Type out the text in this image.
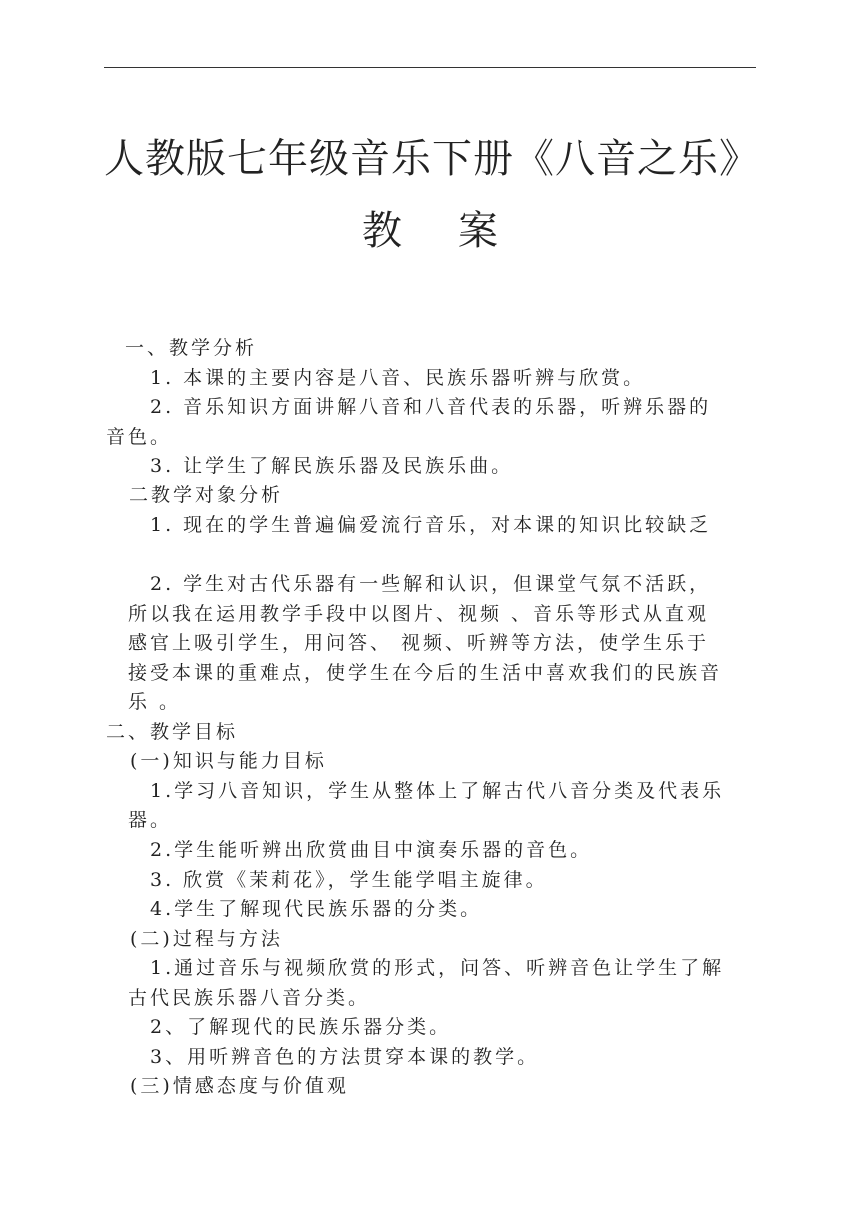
人教版七年级音乐下册《八音之乐》
教案
一、教学分析
1. 本课的主要内容是八音、民族乐器听辨与欣赏。
2. 音乐知识方面讲解八音和八音代表的乐器，听辨乐器的
音色。
3. 让学生了解民族乐器及民族乐曲。
二教学对象分析
1. 现在的学生普遍偏爱流行音乐，对本课的知识比较缺乏
2. 学生对古代乐器有一些解和认识，但课堂气氛不活跃，
所以我在运用教学手段中以图片、视频 、音乐等形式从直观
感官上吸引学生，用问答、 视频、听辨等方法，使学生乐于
接受本课的重难点，使学生在今后的生活中喜欢我们的民族音
乐 。
二、教学目标
(一)知识与能力目标
1.学习八音知识，学生从整体上了解古代八音分类及代表乐
器。
2.学生能听辨出欣赏曲目中演奏乐器的音色。
3. 欣赏《茉莉花》，学生能学唱主旋律。
4.学生了解现代民族乐器的分类。
(二)过程与方法
1.通过音乐与视频欣赏的形式，问答、听辨音色让学生了解
古代民族乐器八音分类。
2、了解现代的民族乐器分类。
3、用听辨音色的方法贯穿本课的教学。
(三)情感态度与价值观
